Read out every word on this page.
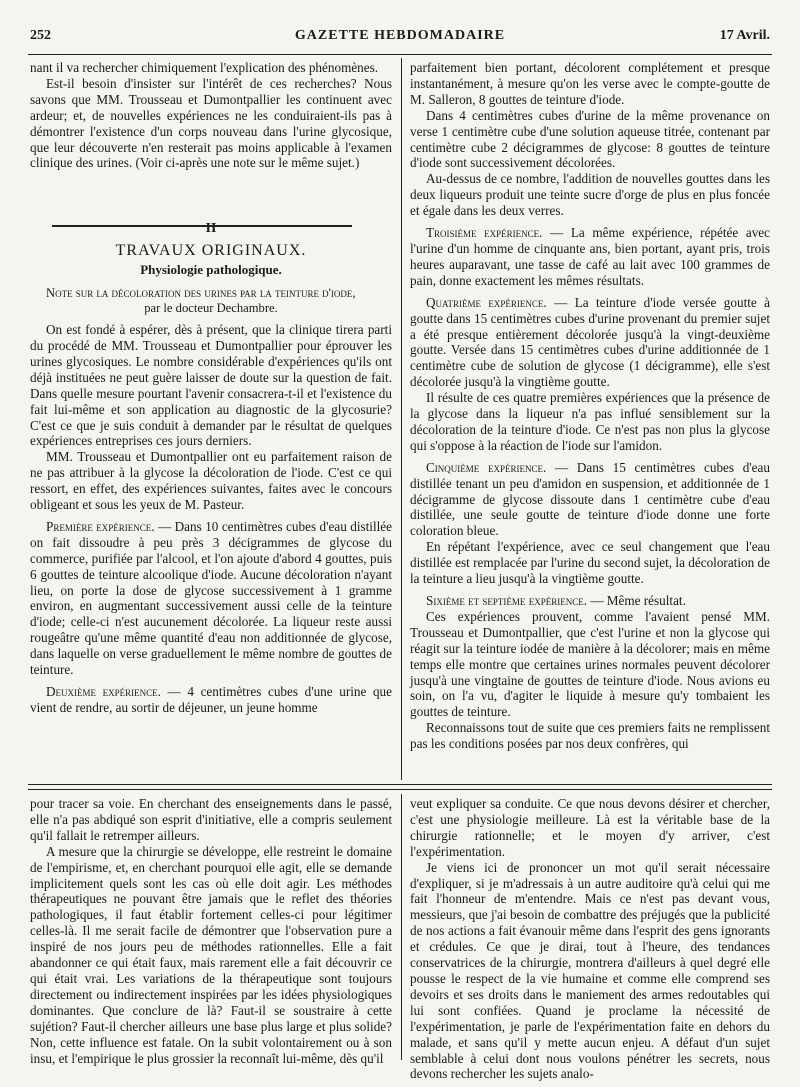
252	GAZETTE HEBDOMADAIRE	17 Avril.

nant il va rechercher chimiquement l'explication des phénomènes.

Est-il besoin d'insister sur l'intérêt de ces recherches? Nous savons que MM. Trousseau et Dumontpallier les continuent avec ardeur; et, de nouvelles expériences ne les conduiraient-ils pas à démontrer l'existence d'un corps nouveau dans l'urine glycosique, que leur découverte n'en resterait pas moins applicable à l'examen clinique des urines. (Voir ci-après une note sur le même sujet.)

II
TRAVAUX ORIGINAUX.
Physiologie pathologique.
Note sur la décoloration des urines par la teinture d'iode,
par le docteur Dechambre.

On est fondé à espérer, dès à présent, que la clinique tirera parti du procédé de MM. Trousseau et Dumontpallier pour éprouver les urines glycosiques. Le nombre considérable d'expériences qu'ils ont déjà instituées ne peut guère laisser de doute sur la question de fait. Dans quelle mesure pourtant l'avenir consacrera-t-il et l'existence du fait lui-même et son application au diagnostic de la glycosurie? C'est ce que je suis conduit à demander par le résultat de quelques expériences entreprises ces jours derniers.

MM. Trousseau et Dumontpallier ont eu parfaitement raison de ne pas attribuer à la glycose la décoloration de l'iode. C'est ce qui ressort, en effet, des expériences suivantes, faites avec le concours obligeant et sous les yeux de M. Pasteur.

Première expérience. — Dans 10 centimètres cubes d'eau distillée on fait dissoudre à peu près 3 décigrammes de glycose du commerce, purifiée par l'alcool, et l'on ajoute d'abord 4 gouttes, puis 6 gouttes de teinture alcoolique d'iode. Aucune décoloration n'ayant lieu, on porte la dose de glycose successivement à 1 gramme environ, en augmentant successivement aussi celle de la teinture d'iode; celle-ci n'est aucunement décolorée. La liqueur reste aussi rougeâtre qu'une même quantité d'eau non additionnée de glycose, dans laquelle on verse graduellement le même nombre de gouttes de teinture.

Deuxième expérience. — 4 centimètres cubes d'une urine que vient de rendre, au sortir de déjeuner, un jeune homme

parfaitement bien portant, décolorent complétement et presque instantanément, à mesure qu'on les verse avec le compte-goutte de M. Salleron, 8 gouttes de teinture d'iode.

Dans 4 centimètres cubes d'urine de la même provenance on verse 1 centimètre cube d'une solution aqueuse titrée, contenant par centimètre cube 2 décigrammes de glycose: 8 gouttes de teinture d'iode sont successivement décolorées.

Au-dessus de ce nombre, l'addition de nouvelles gouttes dans les deux liqueurs produit une teinte sucre d'orge de plus en plus foncée et égale dans les deux verres.

Troisième expérience. — La même expérience, répétée avec l'urine d'un homme de cinquante ans, bien portant, ayant pris, trois heures auparavant, une tasse de café au lait avec 100 grammes de pain, donne exactement les mêmes résultats.

Quatrième expérience. — La teinture d'iode versée goutte à goutte dans 15 centimètres cubes d'urine provenant du premier sujet a été presque entièrement décolorée jusqu'à la vingt-deuxième goutte. Versée dans 15 centimètres cubes d'urine additionnée de 1 centimètre cube de solution de glycose (1 décigramme), elle s'est décolorée jusqu'à la vingtième goutte.

Il résulte de ces quatre premières expériences que la présence de la glycose dans la liqueur n'a pas influé sensiblement sur la décoloration de la teinture d'iode. Ce n'est pas non plus la glycose qui s'oppose à la réaction de l'iode sur l'amidon.

Cinquième expérience. — Dans 15 centimètres cubes d'eau distillée tenant un peu d'amidon en suspension, et additionnée de 1 décigramme de glycose dissoute dans 1 centimètre cube d'eau distillée, une seule goutte de teinture d'iode donne une forte coloration bleue.

En répétant l'expérience, avec ce seul changement que l'eau distillée est remplacée par l'urine du second sujet, la décoloration de la teinture a lieu jusqu'à la vingtième goutte.

Sixième et septième expérience. — Même résultat.

Ces expériences prouvent, comme l'avaient pensé MM. Trousseau et Dumontpallier, que c'est l'urine et non la glycose qui réagit sur la teinture iodée de manière à la décolorer; mais en même temps elle montre que certaines urines normales peuvent décolorer jusqu'à une vingtaine de gouttes de teinture d'iode. Nous avions eu soin, on l'a vu, d'agiter le liquide à mesure qu'y tombaient les gouttes de teinture.

Reconnaissons tout de suite que ces premiers faits ne remplissent pas les conditions posées par nos deux confrères, qui

pour tracer sa voie. En cherchant des enseignements dans le passé, elle n'a pas abdiqué son esprit d'initiative, elle a compris seulement qu'il fallait le retremper ailleurs.

A mesure que la chirurgie se développe, elle restreint le domaine de l'empirisme, et, en cherchant pourquoi elle agit, elle se demande implicitement quels sont les cas où elle doit agir. Les méthodes thérapeutiques ne pouvant être jamais que le reflet des théories pathologiques, il faut établir fortement celles-ci pour légitimer celles-là. Il me serait facile de démontrer que l'observation pure a inspiré de nos jours peu de méthodes rationnelles. Elle a fait abandonner ce qui était faux, mais rarement elle a fait découvrir ce qui était vrai. Les variations de la thérapeutique sont toujours directement ou indirectement inspirées par les idées physiologiques dominantes. Que conclure de là? Faut-il se soustraire à cette sujétion? Faut-il chercher ailleurs une base plus large et plus solide? Non, cette influence est fatale. On la subit volontairement ou à son insu, et l'empirique le plus grossier la reconnaît lui-même, dès qu'il

veut expliquer sa conduite. Ce que nous devons désirer et chercher, c'est une physiologie meilleure. Là est la véritable base de la chirurgie rationnelle; et le moyen d'y arriver, c'est l'expérimentation.

Je viens ici de prononcer un mot qu'il serait nécessaire d'expliquer, si je m'adressais à un autre auditoire qu'à celui qui me fait l'honneur de m'entendre. Mais ce n'est pas devant vous, messieurs, que j'ai besoin de combattre des préjugés que la publicité de nos actions a fait évanouir même dans l'esprit des gens ignorants et crédules. Ce que je dirai, tout à l'heure, des tendances conservatrices de la chirurgie, montrera d'ailleurs à quel degré elle pousse le respect de la vie humaine et comme elle comprend ses devoirs et ses droits dans le maniement des armes redoutables qui lui sont confiées. Quand je proclame la nécessité de l'expérimentation, je parle de l'expérimentation faite en dehors du malade, et sans qu'il y mette aucun enjeu. A défaut d'un sujet semblable à celui dont nous voulons pénétrer les secrets, nous devons rechercher les sujets analo-
